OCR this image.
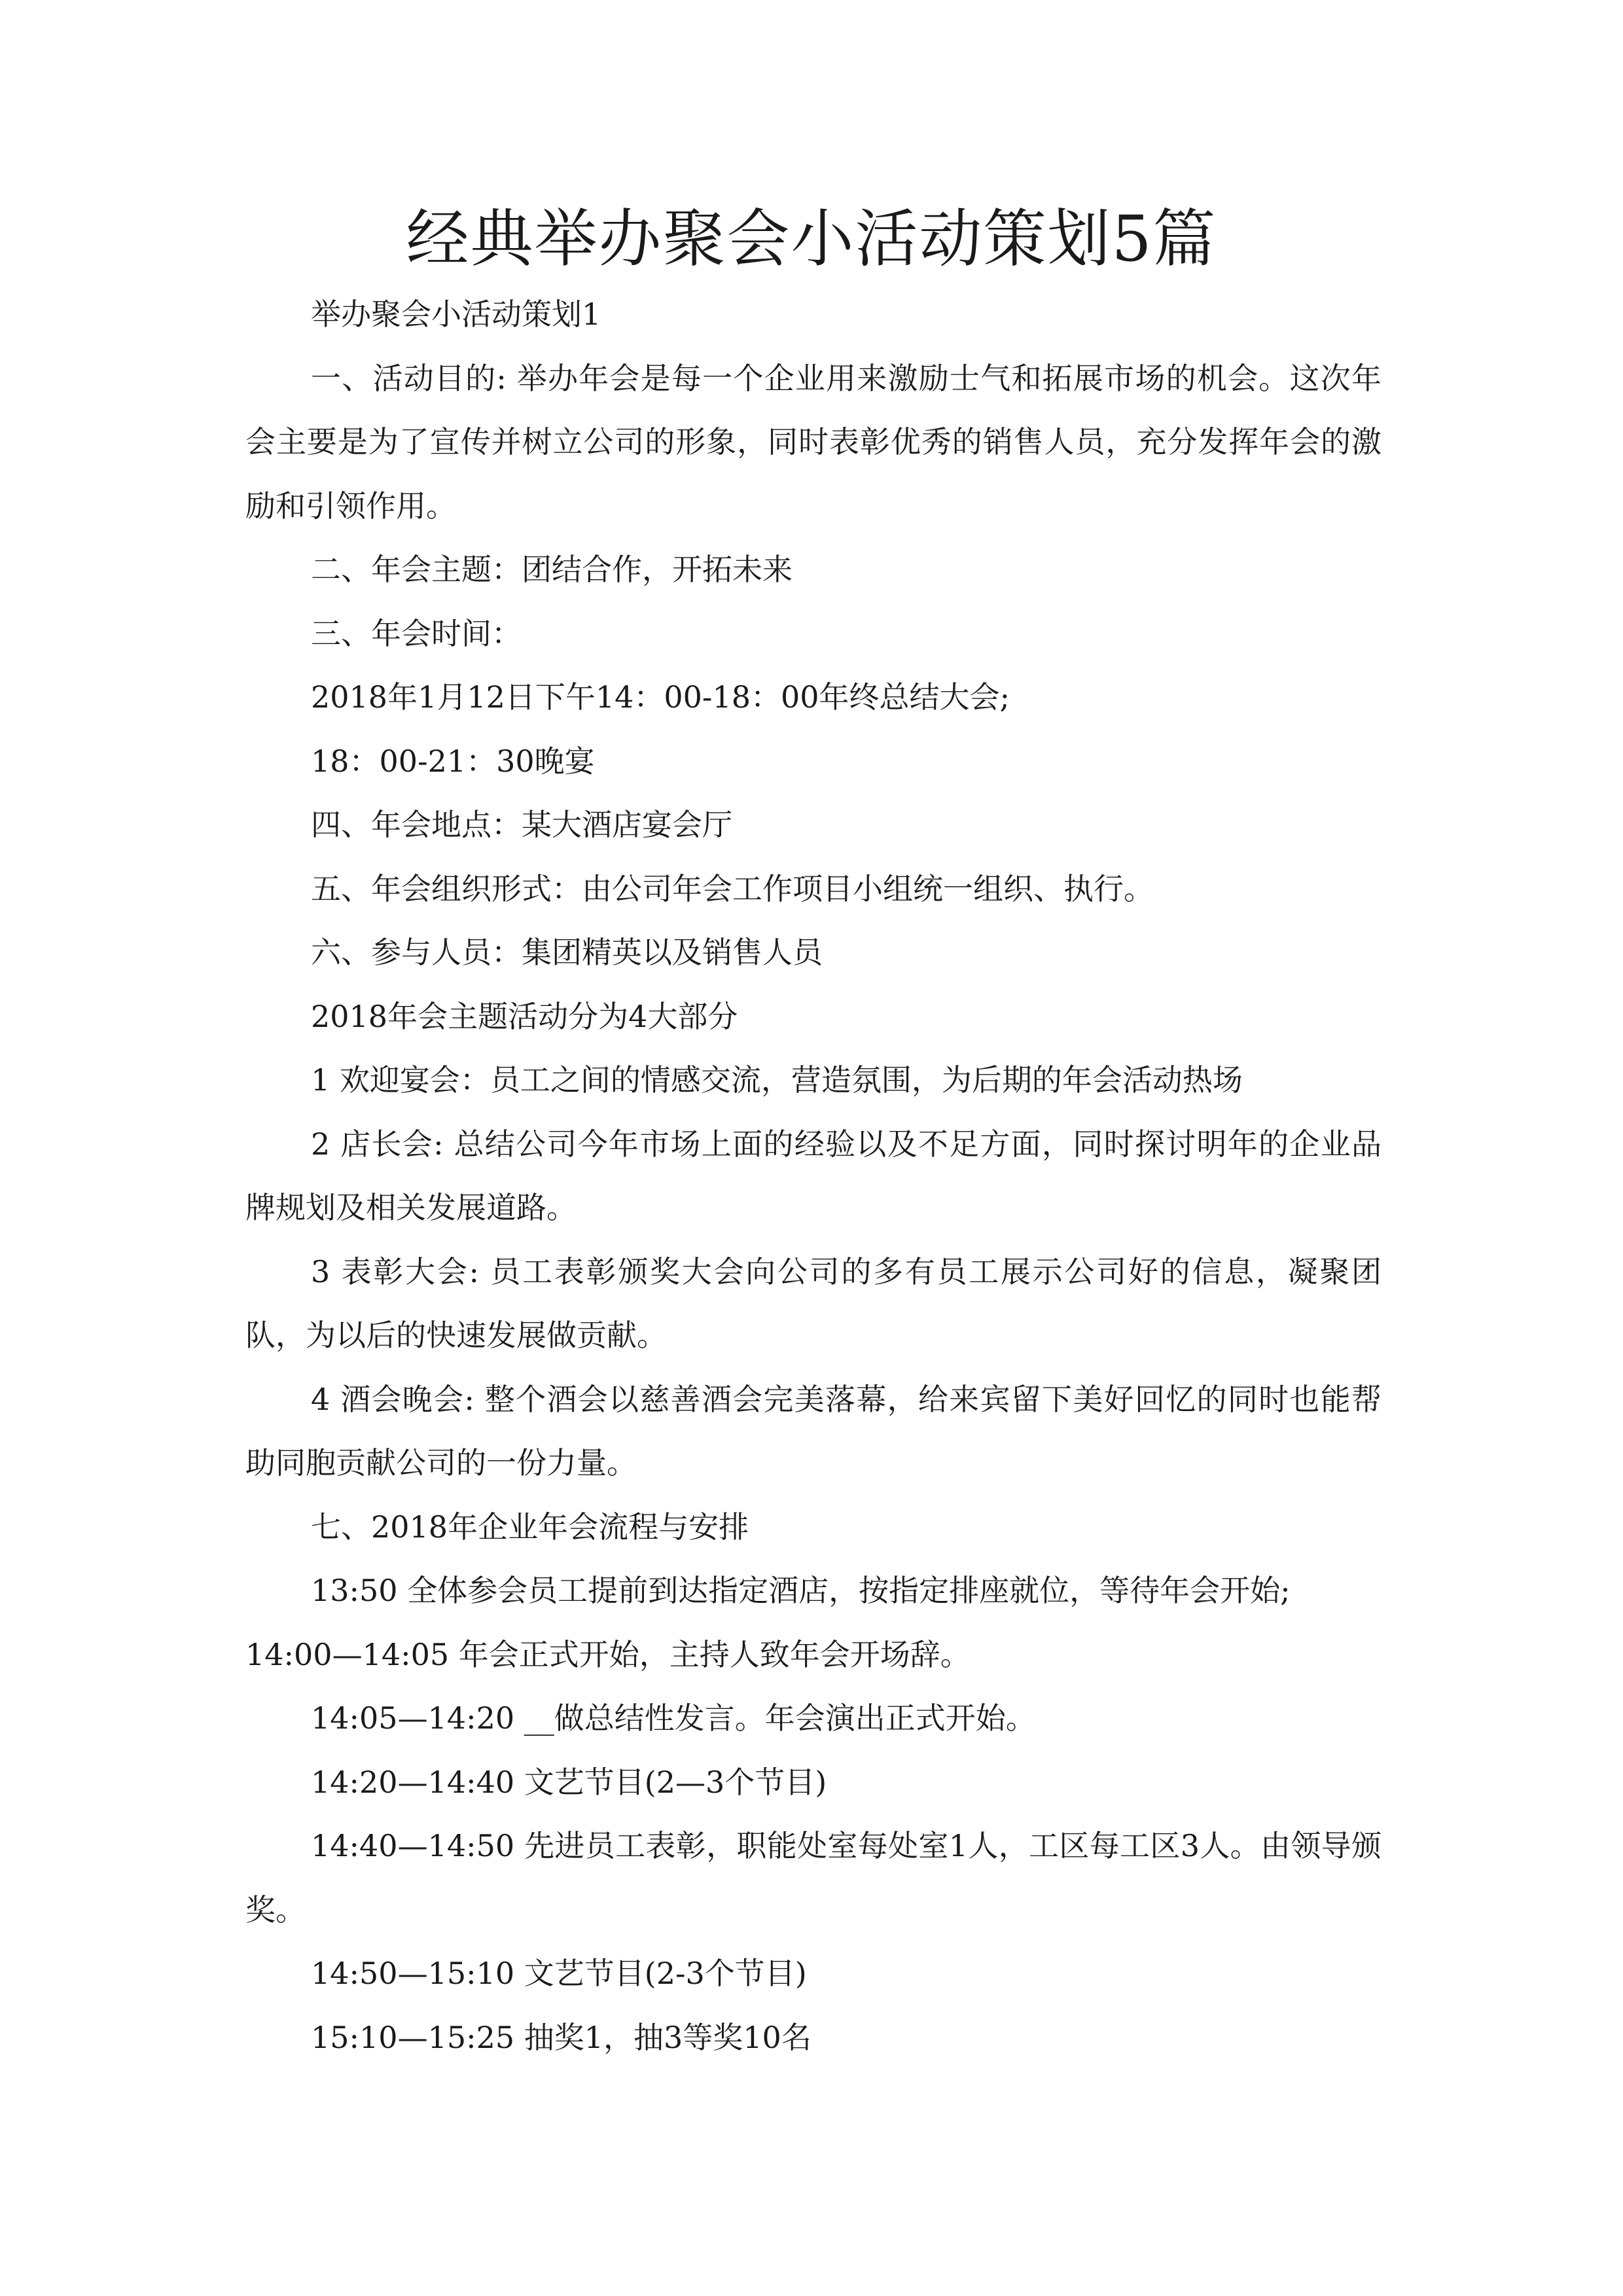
经典举办聚会小活动策划5篇

举办聚会小活动策划1

一、活动目的: 举办年会是每一个企业用来激励士气和拓展市场的机会。这次年会主要是为了宣传并树立公司的形象，同时表彰优秀的销售人员，充分发挥年会的激励和引领作用。

二、年会主题：团结合作，开拓未来

三、年会时间：

2018年1月12日下午14：00-18：00年终总结大会;

18：00-21：30晚宴

四、年会地点：某大酒店宴会厅

五、年会组织形式：由公司年会工作项目小组统一组织、执行。

六、参与人员：集团精英以及销售人员

2018年会主题活动分为4大部分

1 欢迎宴会：员工之间的情感交流，营造氛围，为后期的年会活动热场

2 店长会: 总结公司今年市场上面的经验以及不足方面，同时探讨明年的企业品牌规划及相关发展道路。

3 表彰大会: 员工表彰颁奖大会向公司的多有员工展示公司好的信息，凝聚团队，为以后的快速发展做贡献。

4 酒会晚会: 整个酒会以慈善酒会完美落幕，给来宾留下美好回忆的同时也能帮助同胞贡献公司的一份力量。

七、2018年企业年会流程与安排

13:50 全体参会员工提前到达指定酒店，按指定排座就位，等待年会开始;

14:00—14:05 年会正式开始，主持人致年会开场辞。

14:05—14:20 __做总结性发言。年会演出正式开始。

14:20—14:40 文艺节目(2—3个节目)

14:40—14:50 先进员工表彰，职能处室每处室1人，工区每工区3人。由领导颁奖。

14:50—15:10 文艺节目(2-3个节目)

15:10—15:25 抽奖1，抽3等奖10名
